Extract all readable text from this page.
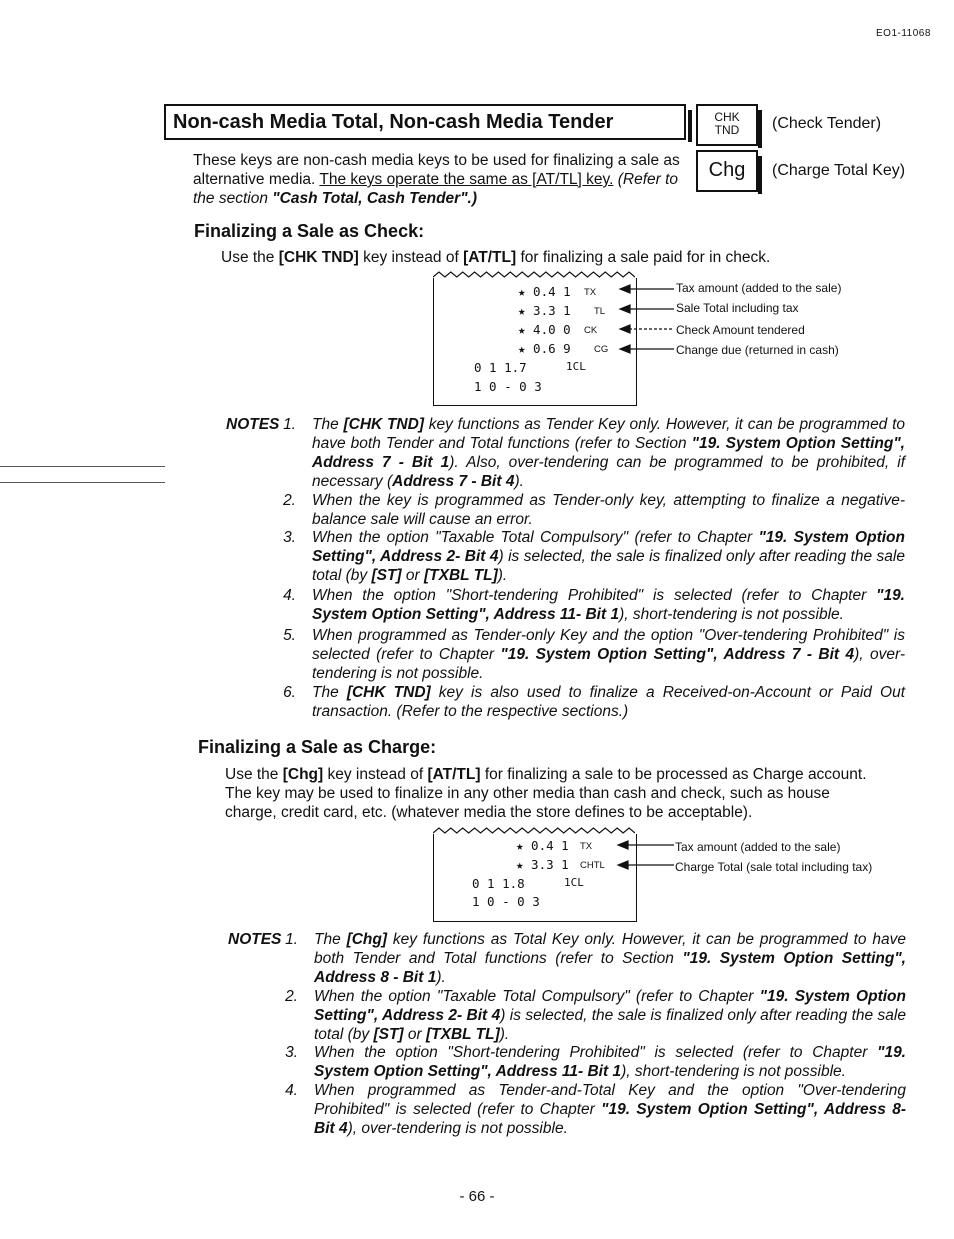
EO1-11068
Non-cash Media Total, Non-cash Media Tender	CHK
TND	(Check Tender)
Chg	(Charge Total Key)
These keys are non-cash media keys to be used for finalizing a sale as alternative media. The keys operate the same as [AT/TL] key. (Refer to the section "Cash Total, Cash Tender".)
Finalizing a Sale as Check:
Use the [CHK TND] key instead of [AT/TL] for finalizing a sale paid for in check.
★ 0.4 1 TX
★ 3.3 1 TL
★ 4.0 0 CK
★ 0.6 9 CG
0 1 1.7	1CL
1 0 - 0 3
Tax amount (added to the sale)
Sale Total including tax
Check Amount tendered
Change due (returned in cash)
NOTES 1. The [CHK TND] key functions as Tender Key only. However, it can be programmed to have both Tender and Total functions (refer to Section "19. System Option Setting", Address 7 - Bit 1). Also, over-tendering can be programmed to be prohibited, if necessary (Address 7 - Bit 4).
2. When the key is programmed as Tender-only key, attempting to finalize a negative-balance sale will cause an error.
3. When the option "Taxable Total Compulsory" (refer to Chapter "19. System Option Setting", Address 2- Bit 4) is selected, the sale is finalized only after reading the sale total (by [ST] or [TXBL TL]).
4. When the option "Short-tendering Prohibited" is selected (refer to Chapter "19. System Option Setting", Address 11- Bit 1), short-tendering is not possible.
5. When programmed as Tender-only Key and the option "Over-tendering Prohibited" is selected (refer to Chapter "19. System Option Setting", Address 7 - Bit 4), over-tendering is not possible.
6. The [CHK TND] key is also used to finalize a Received-on-Account or Paid Out transaction. (Refer to the respective sections.)
Finalizing a Sale as Charge:
Use the [Chg] key instead of [AT/TL] for finalizing a sale to be processed as Charge account.
The key may be used to finalize in any other media than cash and check, such as house
charge, credit card, etc. (whatever media the store defines to be acceptable).
★ 0.4 1 TX
★ 3.3 1 CHTL
0 1 1.8	1CL
1 0 - 0 3
Tax amount (added to the sale)
Charge Total (sale total including tax)
NOTES 1. The [Chg] key functions as Total Key only. However, it can be programmed to have both Tender and Total functions (refer to Section "19. System Option Setting", Address 8 - Bit 1).
2. When the option "Taxable Total Compulsory" (refer to Chapter "19. System Option Setting", Address 2- Bit 4) is selected, the sale is finalized only after reading the sale total (by [ST] or [TXBL TL]).
3. When the option "Short-tendering Prohibited" is selected (refer to Chapter "19. System Option Setting", Address 11- Bit 1), short-tendering is not possible.
4. When programmed as Tender-and-Total Key and the option "Over-tendering Prohibited" is selected (refer to Chapter "19. System Option Setting", Address 8- Bit 4), over-tendering is not possible.
- 66 -
